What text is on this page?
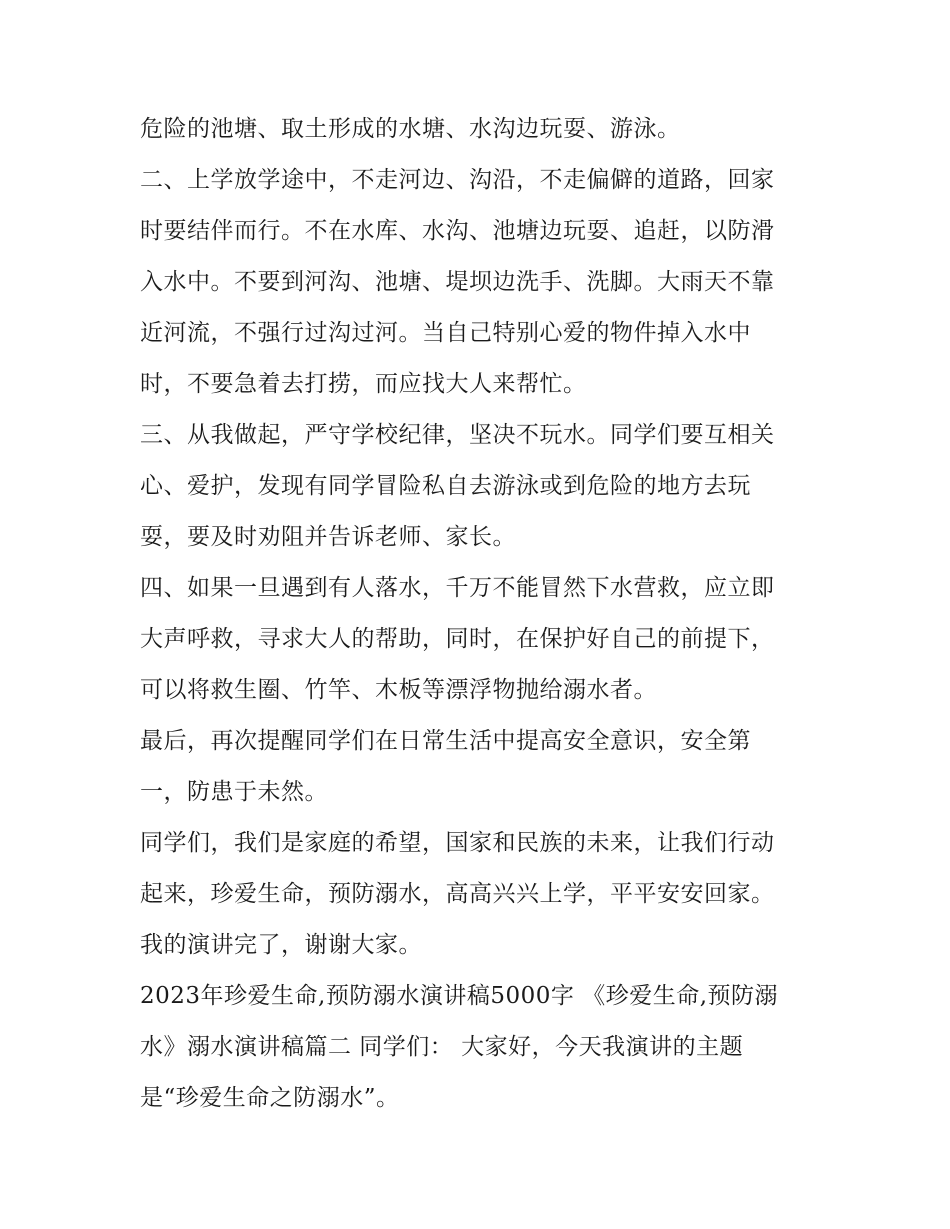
危险的池塘、取土形成的水塘、水沟边玩耍、游泳。
二、上学放学途中，不走河边、沟沿，不走偏僻的道路，回家
时要结伴而行。不在水库、水沟、池塘边玩耍、追赶，以防滑
入水中。不要到河沟、池塘、堤坝边洗手、洗脚。大雨天不靠
近河流，不强行过沟过河。当自己特别心爱的物件掉入水中
时，不要急着去打捞，而应找大人来帮忙。
三、从我做起，严守学校纪律，坚决不玩水。同学们要互相关
心、爱护，发现有同学冒险私自去游泳或到危险的地方去玩
耍，要及时劝阻并告诉老师、家长。
四、如果一旦遇到有人落水，千万不能冒然下水营救，应立即
大声呼救，寻求大人的帮助，同时，在保护好自己的前提下，
可以将救生圈、竹竿、木板等漂浮物抛给溺水者。
最后，再次提醒同学们在日常生活中提高安全意识，安全第
一，防患于未然。
同学们，我们是家庭的希望，国家和民族的未来，让我们行动
起来，珍爱生命，预防溺水，高高兴兴上学，平平安安回家。
我的演讲完了，谢谢大家。
2023年珍爱生命,预防溺水演讲稿5000字 《珍爱生命,预防溺
水》溺水演讲稿篇二 同学们： 大家好，今天我演讲的主题
是“珍爱生命之防溺水”。
